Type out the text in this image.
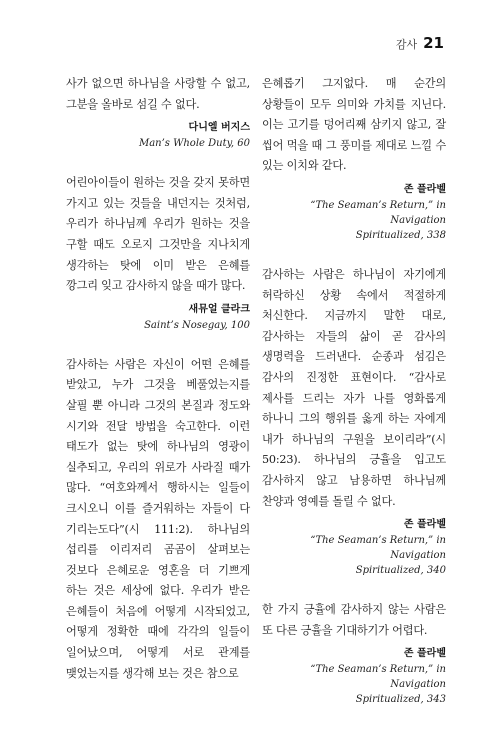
감사 21

사가 없으면 하나님을 사랑할 수 없고, 그분을 올바로 섬길 수 없다.

다니엘 버지스
Man’s Whole Duty, 60

어린아이들이 원하는 것을 갖지 못하면 가지고 있는 것들을 내던지는 것처럼, 우리가 하나님께 우리가 원하는 것을 구할 때도 오로지 그것만을 지나치게 생각하는 탓에 이미 받은 은혜를 깡그리 잊고 감사하지 않을 때가 많다.

새뮤얼 클라크
Saint’s Nosegay, 100

감사하는 사람은 자신이 어떤 은혜를 받았고, 누가 그것을 베풀었는지를 살필 뿐 아니라 그것의 본질과 정도와 시기와 전달 방법을 숙고한다. 이런 태도가 없는 탓에 하나님의 영광이 실추되고, 우리의 위로가 사라질 때가 많다. “여호와께서 행하시는 일들이 크시오니 이를 즐거워하는 자들이 다 기리는도다”(시 111:2). 하나님의 섭리를 이리저리 곰곰이 살펴보는 것보다 은혜로운 영혼을 더 기쁘게 하는 것은 세상에 없다. 우리가 받은 은혜들이 처음에 어떻게 시작되었고, 어떻게 정확한 때에 각각의 일들이 일어났으며, 어떻게 서로 관계를 맺었는지를 생각해 보는 것은 참으로

은혜롭기 그지없다. 매 순간의 상황들이 모두 의미와 가치를 지닌다. 이는 고기를 덩어리째 삼키지 않고, 잘 씹어 먹을 때 그 풍미를 제대로 느낄 수 있는 이치와 같다.

존 플라벨
“The Seaman’s Return,” in Navigation
Spiritualized, 338

감사하는 사람은 하나님이 자기에게 허락하신 상황 속에서 적절하게 처신한다. 지금까지 말한 대로, 감사하는 자들의 삶이 곧 감사의 생명력을 드러낸다. 순종과 섬김은 감사의 진정한 표현이다. “감사로 제사를 드리는 자가 나를 영화롭게 하나니 그의 행위를 옳게 하는 자에게 내가 하나님의 구원을 보이리라”(시 50:23). 하나님의 긍휼을 입고도 감사하지 않고 남용하면 하나님께 찬양과 영예를 돌릴 수 없다.

존 플라벨
“The Seaman’s Return,” in Navigation
Spiritualized, 340

한 가지 긍휼에 감사하지 않는 사람은 또 다른 긍휼을 기대하기가 어렵다.

존 플라벨
“The Seaman’s Return,” in Navigation
Spiritualized, 343
